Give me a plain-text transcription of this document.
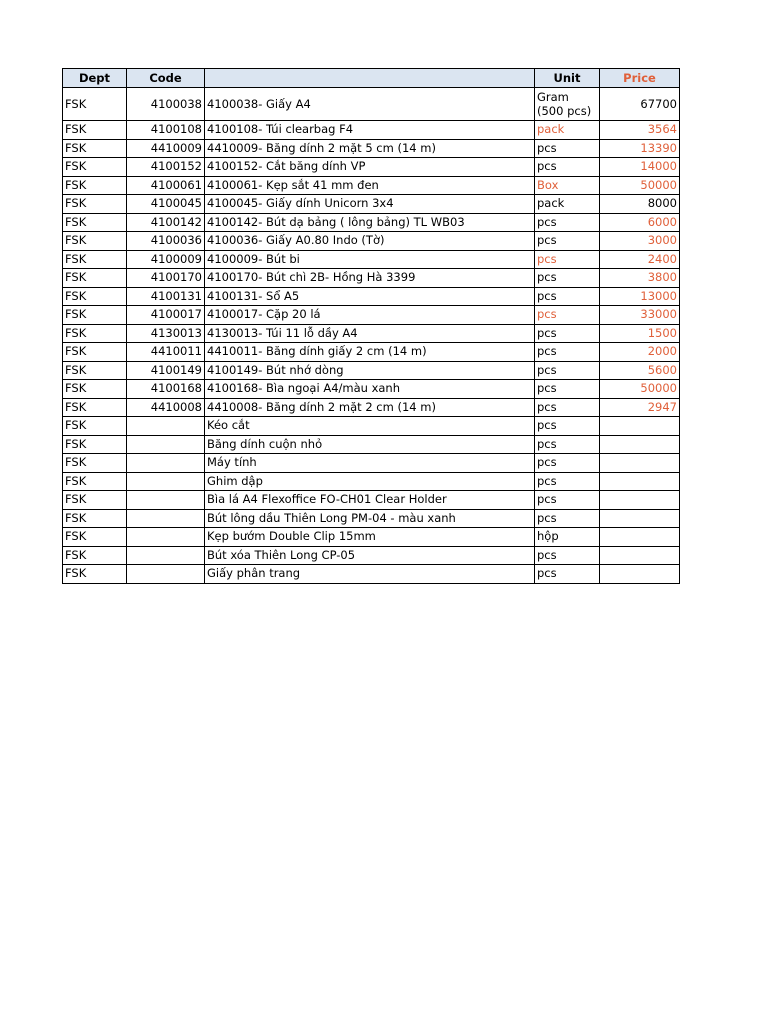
Dept	Code		Unit	Price
FSK	4100038	4100038- Giấy A4	Gram (500 pcs)	67700
FSK	4100108	4100108- Túi clearbag F4	pack	3564
FSK	4410009	4410009- Băng dính 2 mặt 5 cm (14 m)	pcs	13390
FSK	4100152	4100152- Cắt băng dính VP	pcs	14000
FSK	4100061	4100061- Kẹp sắt 41 mm đen	Box	50000
FSK	4100045	4100045- Giấy dính Unicorn 3x4	pack	8000
FSK	4100142	4100142- Bút dạ bảng ( lông bảng) TL WB03	pcs	6000
FSK	4100036	4100036- Giấy A0.80 Indo (Tờ)	pcs	3000
FSK	4100009	4100009- Bút bi	pcs	2400
FSK	4100170	4100170- Bút chì 2B- Hồng Hà 3399	pcs	3800
FSK	4100131	4100131- Sổ A5	pcs	13000
FSK	4100017	4100017- Cặp 20 lá	pcs	33000
FSK	4130013	4130013- Túi 11 lỗ dầy A4	pcs	1500
FSK	4410011	4410011- Băng dính giấy 2 cm (14 m)	pcs	2000
FSK	4100149	4100149- Bút nhớ dòng	pcs	5600
FSK	4100168	4100168- Bìa ngoại A4/màu xanh	pcs	50000
FSK	4410008	4410008- Băng dính 2 mặt 2 cm (14 m)	pcs	2947
FSK		Kéo cắt	pcs	
FSK		Băng dính cuộn nhỏ	pcs	
FSK		Máy tính	pcs	
FSK		Ghim dập	pcs	
FSK		Bìa lá A4 Flexoffice FO-CH01 Clear Holder	pcs	
FSK		Bút lông dầu Thiên Long PM-04 - màu xanh	pcs	
FSK		Kẹp bướm Double Clip 15mm	hộp	
FSK		Bút xóa Thiên Long CP-05	pcs	
FSK		Giấy phân trang	pcs	
